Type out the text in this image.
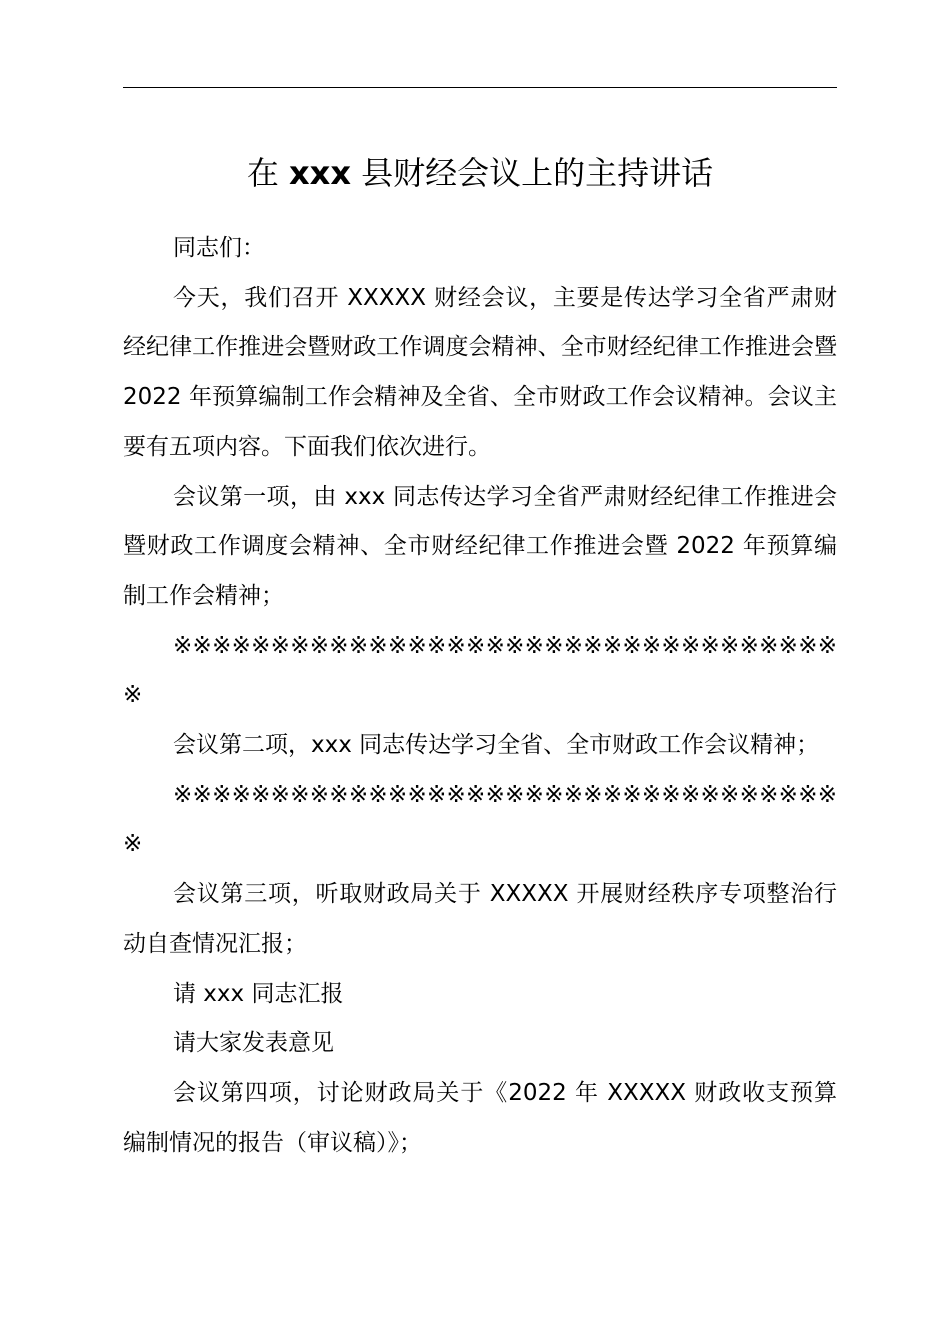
在 xxx 县财经会议上的主持讲话

同志们：

今天，我们召开 XXXXX 财经会议，主要是传达学习全省严肃财经纪律工作推进会暨财政工作调度会精神、全市财经纪律工作推进会暨 2022 年预算编制工作会精神及全省、全市财政工作会议精神。会议主要有五项内容。下面我们依次进行。

会议第一项，由 xxx 同志传达学习全省严肃财经纪律工作推进会暨财政工作调度会精神、全市财经纪律工作推进会暨 2022 年预算编制工作会精神；

※※※※※※※※※※※※※※※※※※※※※※※※※※※※※※※※※※※

会议第二项，xxx 同志传达学习全省、全市财政工作会议精神；

※※※※※※※※※※※※※※※※※※※※※※※※※※※※※※※※※※※

会议第三项，听取财政局关于 XXXXX 开展财经秩序专项整治行动自查情况汇报；

请 xxx 同志汇报

请大家发表意见

会议第四项，讨论财政局关于《2022 年 XXXXX 财政收支预算编制情况的报告（审议稿）》；
